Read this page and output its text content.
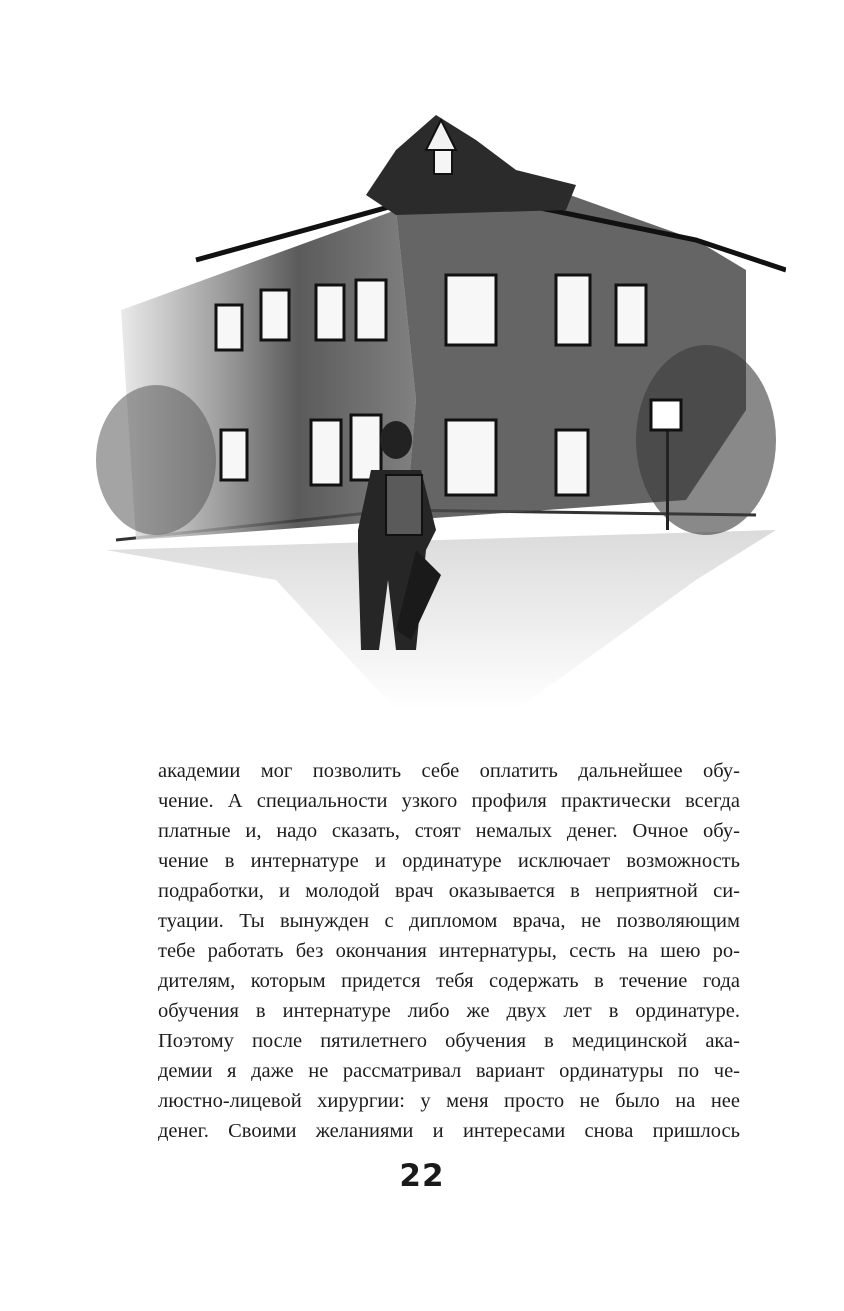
академии мог позволить себе оплатить дальнейшее обу-
чение. А специальности узкого профиля практически всегда
платные и, надо сказать, стоят немалых денег. Очное обу-
чение в интернатуре и ординатуре исключает возможность
подработки, и молодой врач оказывается в неприятной си-
туации. Ты вынужден с дипломом врача, не позволяющим
тебе работать без окончания интернатуры, сесть на шею ро-
дителям, которым придется тебя содержать в течение года
обучения в интернатуре либо же двух лет в ординатуре.
Поэтому после пятилетнего обучения в медицинской ака-
демии я даже не рассматривал вариант ординатуры по че-
люстно-лицевой хирургии: у меня просто не было на нее
денег. Своими желаниями и интересами снова пришлось
22
